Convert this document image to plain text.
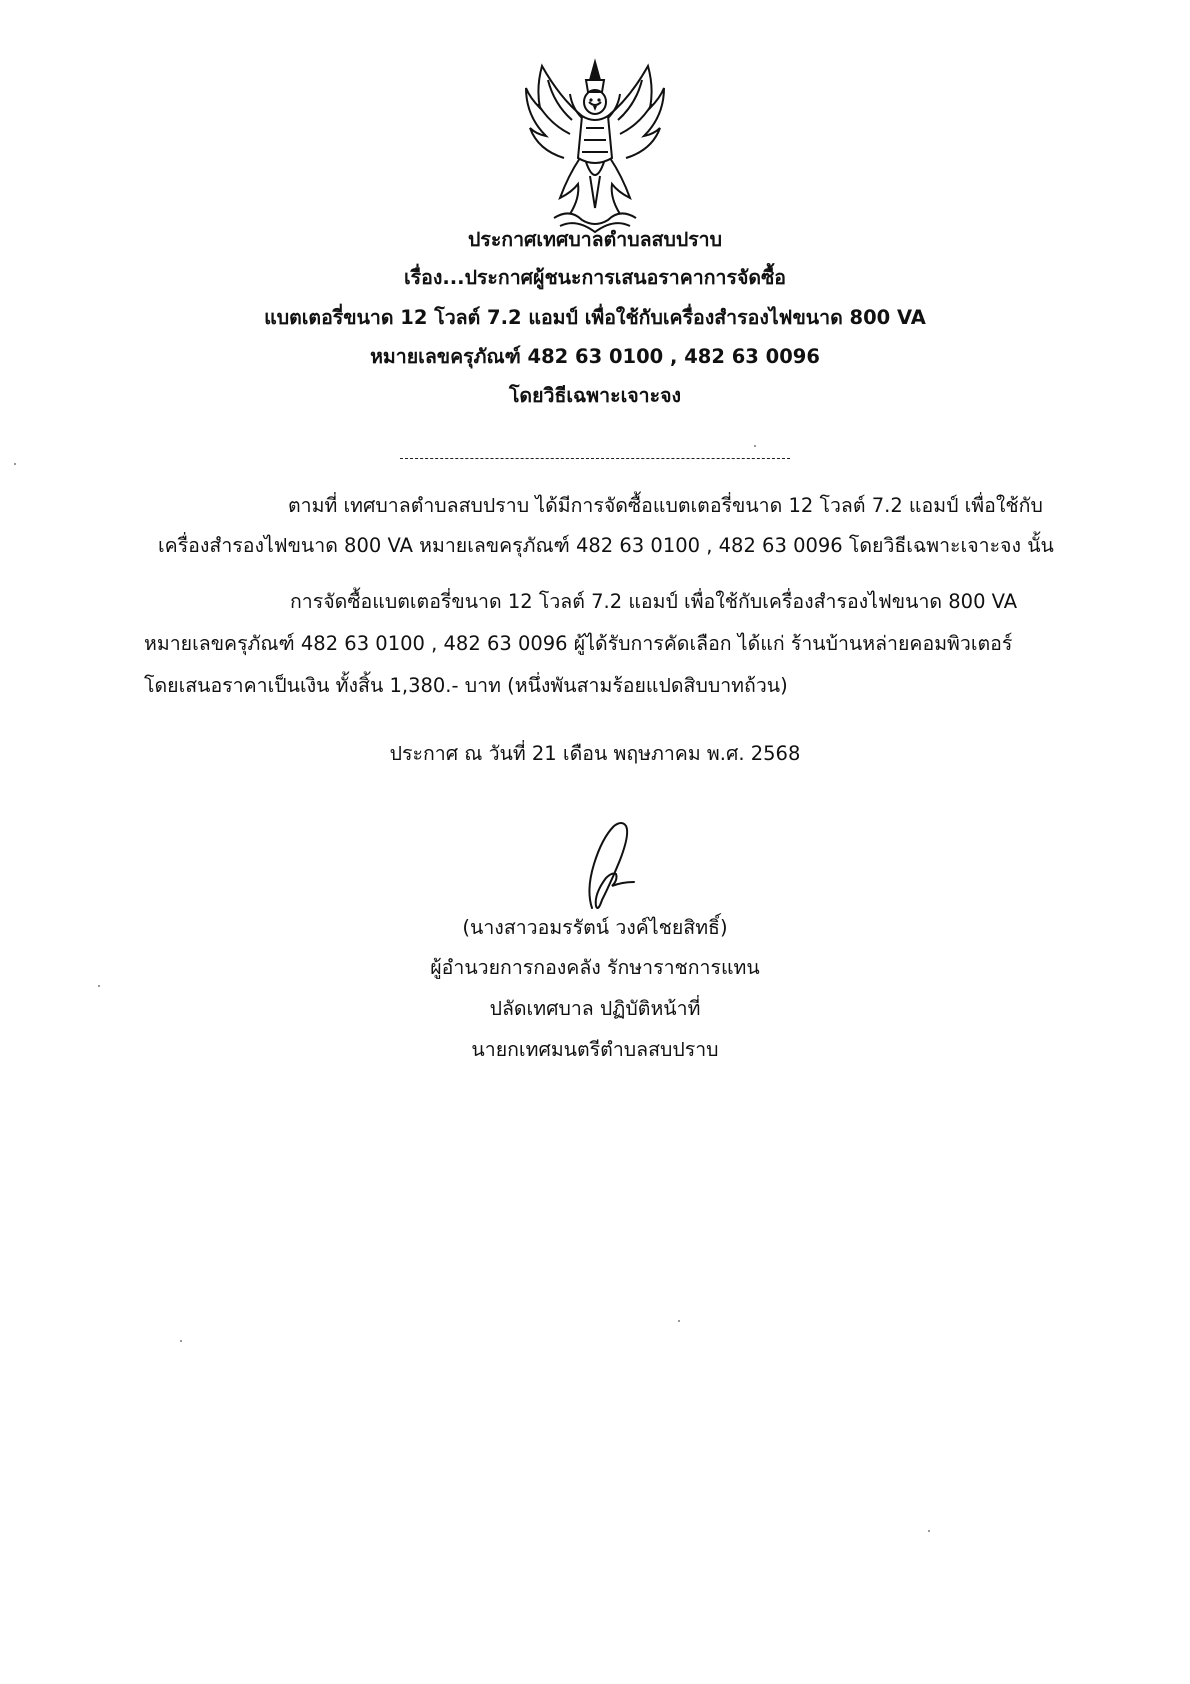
ประกาศเทศบาลตำบลสบปราบ
เรื่อง...ประกาศผู้ชนะการเสนอราคาการจัดซื้อ
แบตเตอรี่ขนาด 12 โวลต์ 7.2 แอมป์ เพื่อใช้กับเครื่องสำรองไฟขนาด 800 VA
หมายเลขครุภัณฑ์ 482 63 0100 , 482 63 0096
โดยวิธีเฉพาะเจาะจง
ตามที่ เทศบาลตำบลสบปราบ ได้มีการจัดซื้อแบตเตอรี่ขนาด 12 โวลต์ 7.2 แอมป์ เพื่อใช้กับ
เครื่องสำรองไฟขนาด 800 VA หมายเลขครุภัณฑ์ 482 63 0100 , 482 63 0096 โดยวิธีเฉพาะเจาะจง นั้น
การจัดซื้อแบตเตอรี่ขนาด 12 โวลต์ 7.2 แอมป์ เพื่อใช้กับเครื่องสำรองไฟขนาด 800 VA
หมายเลขครุภัณฑ์ 482 63 0100 , 482 63 0096 ผู้ได้รับการคัดเลือก ได้แก่ ร้านบ้านหล่ายคอมพิวเตอร์
โดยเสนอราคาเป็นเงิน ทั้งสิ้น 1,380.- บาท (หนึ่งพันสามร้อยแปดสิบบาทถ้วน)
ประกาศ ณ วันที่ 21 เดือน พฤษภาคม พ.ศ. 2568
(นางสาวอมรรัตน์ วงค์ไชยสิทธิ์)
ผู้อำนวยการกองคลัง รักษาราชการแทน
ปลัดเทศบาล ปฏิบัติหน้าที่
นายกเทศมนตรีตำบลสบปราบ
